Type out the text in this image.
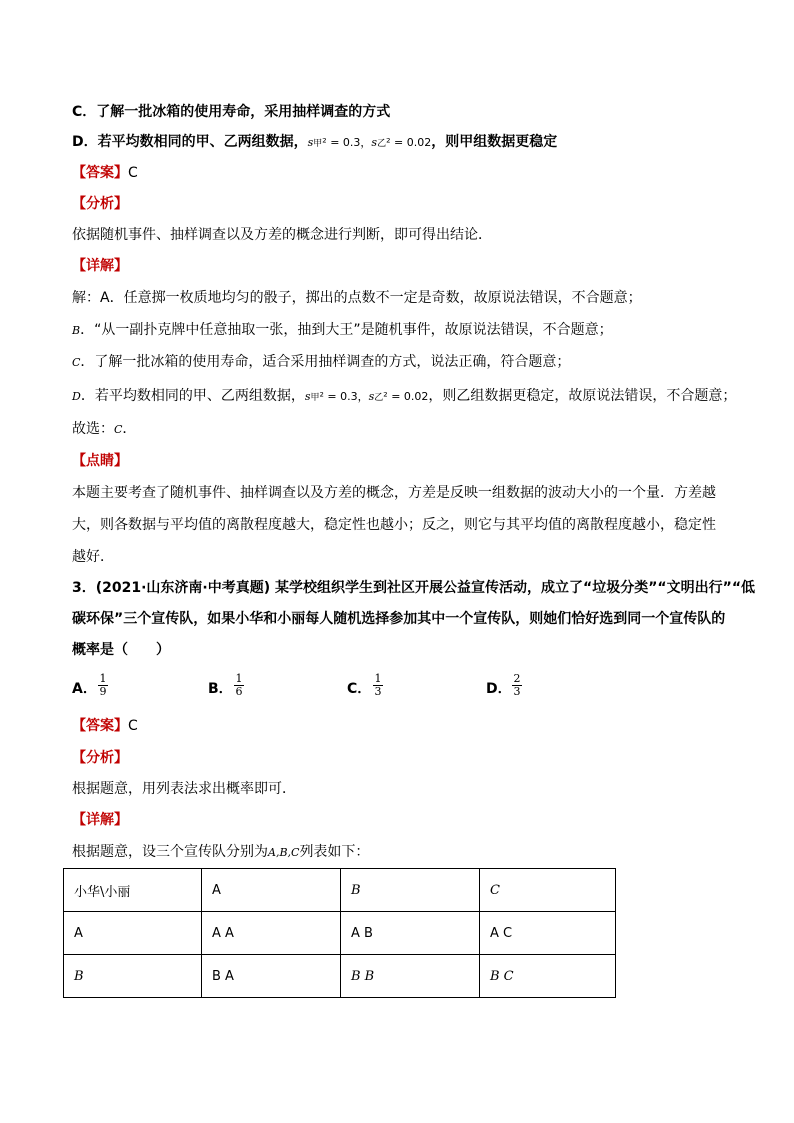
C．了解一批冰箱的使用寿命，采用抽样调查的方式
D．若平均数相同的甲、乙两组数据，s甲² = 0.3，s乙² = 0.02，则甲组数据更稳定
【答案】C
【分析】
依据随机事件、抽样调查以及方差的概念进行判断，即可得出结论．
【详解】
解：A．任意掷一枚质地均匀的骰子，掷出的点数不一定是奇数，故原说法错误，不合题意；
B．“从一副扑克牌中任意抽取一张，抽到大王”是随机事件，故原说法错误，不合题意；
C．了解一批冰箱的使用寿命，适合采用抽样调查的方式，说法正确，符合题意；
D．若平均数相同的甲、乙两组数据，s甲² = 0.3，s乙² = 0.02，则乙组数据更稳定，故原说法错误，不合题意；
故选：C．
【点睛】
本题主要考查了随机事件、抽样调查以及方差的概念，方差是反映一组数据的波动大小的一个量．方差越
大，则各数据与平均值的离散程度越大，稳定性也越小；反之，则它与其平均值的离散程度越小，稳定性
越好．
3．(2021·山东济南·中考真题) 某学校组织学生到社区开展公益宣传活动，成立了“垃圾分类”“文明出行”“低
碳环保”三个宣传队，如果小华和小丽每人随机选择参加其中一个宣传队，则她们恰好选到同一个宣传队的
概率是（　　）
A． $\frac{1}{9}$	B． $\frac{1}{6}$	C． $\frac{1}{3}$	D． $\frac{2}{3}$
【答案】C
【分析】
根据题意，用列表法求出概率即可．
【详解】
根据题意，设三个宣传队分别为A,B,C列表如下：
小华\小丽	A	B	C
A	A A	A B	A C
B	B A	B B	B C
